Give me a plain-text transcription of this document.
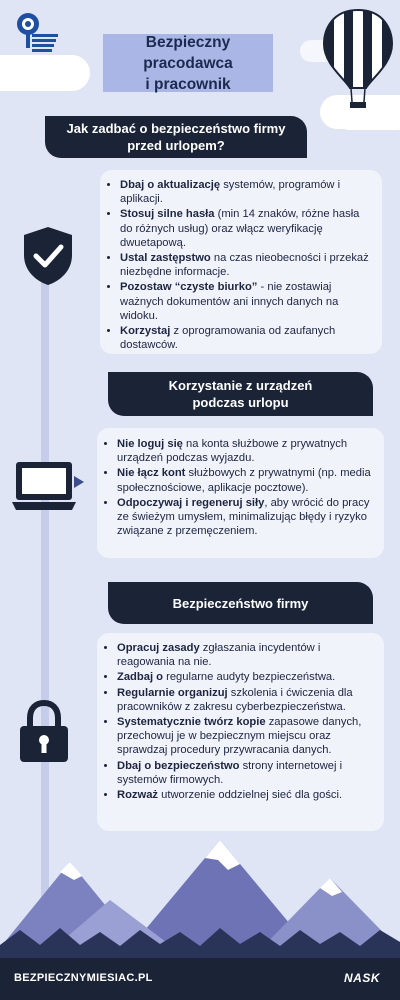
Bezpieczny pracodawca
i pracownik
Jak zadbać o bezpieczeństwo firmy
przed urlopem?
• Dbaj o aktualizację systemów, programów i aplikacji.
• Stosuj silne hasła (min 14 znaków, różne hasła do różnych usług) oraz włącz weryfikację dwuetapową.
• Ustal zastępstwo na czas nieobecności i przekaż niezbędne informacje.
• Pozostaw “czyste biurko” - nie zostawiaj ważnych dokumentów ani innych danych na widoku.
• Korzystaj z oprogramowania od zaufanych dostawców.
Korzystanie z urządzeń
podczas urlopu
• Nie loguj się na konta służbowe z prywatnych urządzeń podczas wyjazdu.
• Nie łącz kont służbowych z prywatnymi (np. media społecznościowe, aplikacje pocztowe).
• Odpoczywaj i regeneruj siły, aby wrócić do pracy ze świeżym umysłem, minimalizując błędy i ryzyko związane z przemęczeniem.
Bezpieczeństwo firmy
• Opracuj zasady zgłaszania incydentów i reagowania na nie.
• Zadbaj o regularne audyty bezpieczeństwa.
• Regularnie organizuj szkolenia i ćwiczenia dla pracowników z zakresu cyberbezpieczeństwa.
• Systematycznie twórz kopie zapasowe danych, przechowuj je w bezpiecznym miejscu oraz sprawdzaj procedury przywracania danych.
• Dbaj o bezpieczeństwo strony internetowej i systemów firmowych.
• Rozważ utworzenie oddzielnej sieć dla gości.
BEZPIECZNYMIESIAC.PL	NASK
